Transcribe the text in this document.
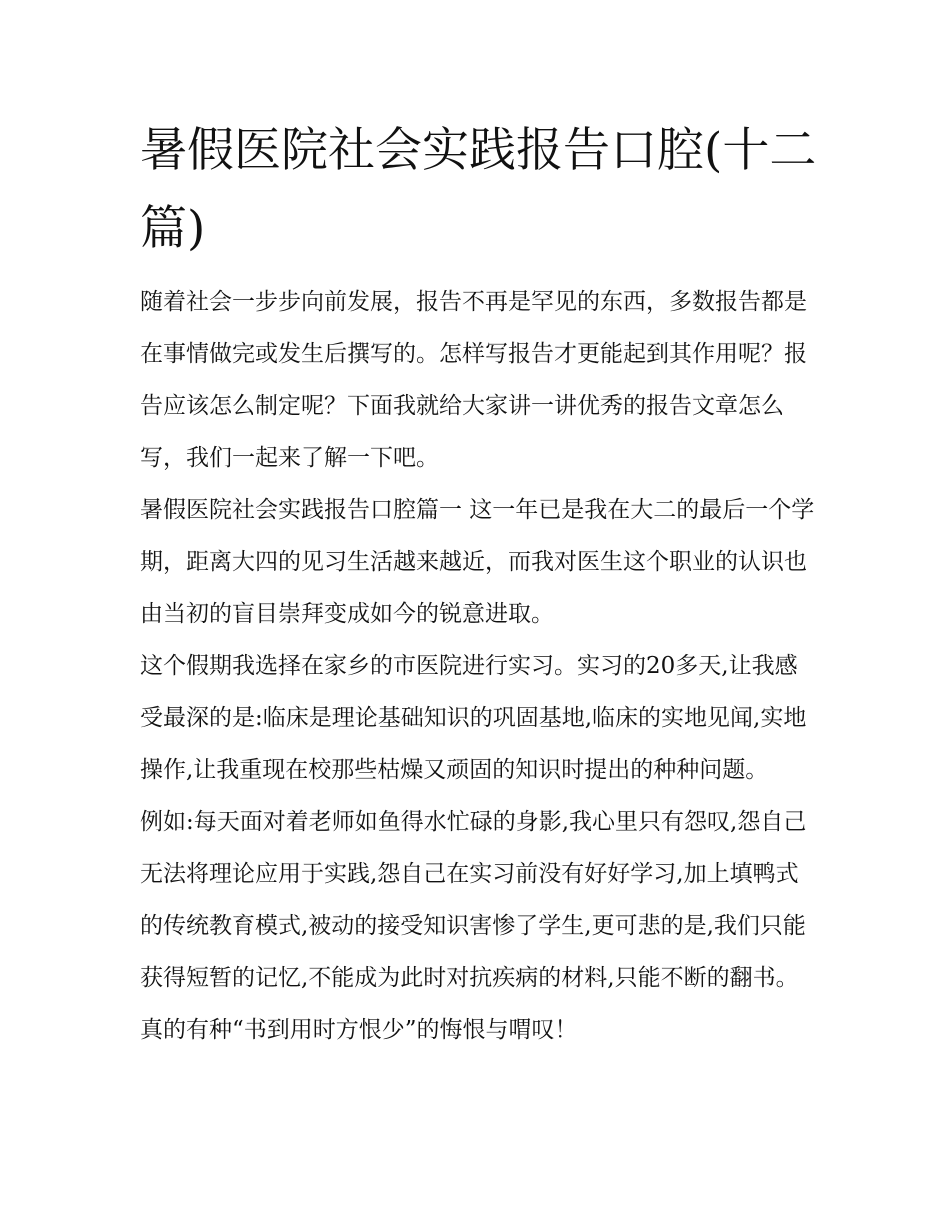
暑假医院社会实践报告口腔(十二篇)

随着社会一步步向前发展，报告不再是罕见的东西，多数报告都是在事情做完或发生后撰写的。怎样写报告才更能起到其作用呢？报告应该怎么制定呢？下面我就给大家讲一讲优秀的报告文章怎么写，我们一起来了解一下吧。

暑假医院社会实践报告口腔篇一 这一年已是我在大二的最后一个学期，距离大四的见习生活越来越近，而我对医生这个职业的认识也由当初的盲目崇拜变成如今的锐意进取。

这个假期我选择在家乡的市医院进行实习。实习的20多天,让我感受最深的是:临床是理论基础知识的巩固基地,临床的实地见闻,实地操作,让我重现在校那些枯燥又顽固的知识时提出的种种问题。

例如:每天面对着老师如鱼得水忙碌的身影,我心里只有怨叹,怨自己无法将理论应用于实践,怨自己在实习前没有好好学习,加上填鸭式的传统教育模式,被动的接受知识害惨了学生,更可悲的是,我们只能获得短暂的记忆,不能成为此时对抗疾病的材料,只能不断的翻书。真的有种“书到用时方恨少”的悔恨与喟叹！
